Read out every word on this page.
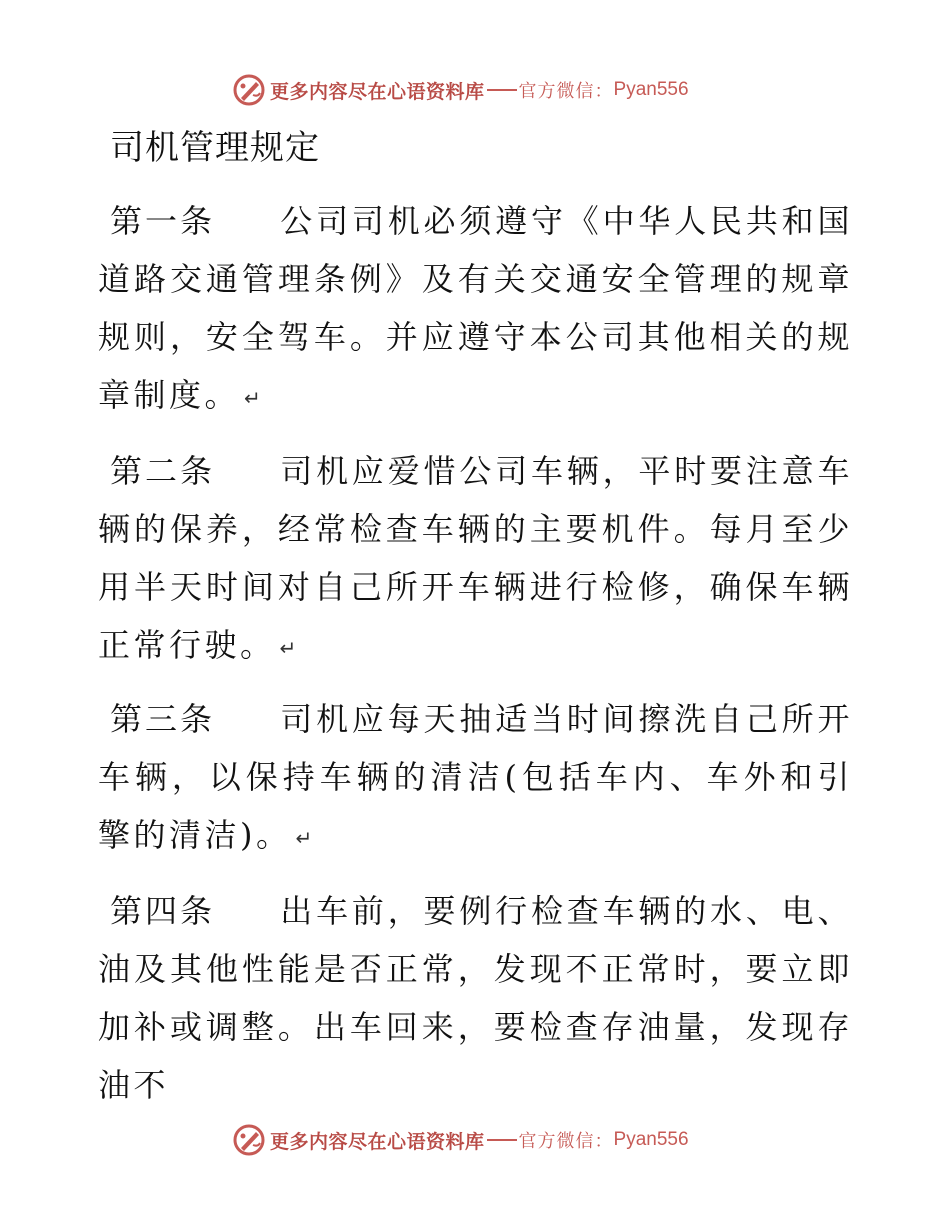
更多内容尽在心语资料库 官方微信： Pyan556
司机管理规定

第一条 公司司机必须遵守《中华人民共和国道路交通管理条例》及有关交通安全管理的规章规则，安全驾车。并应遵守本公司其他相关的规章制度。 ↵

第二条 司机应爱惜公司车辆，平时要注意车辆的保养，经常检查车辆的主要机件。每月至少用半天时间对自己所开车辆进行检修，确保车辆正常行驶。 ↵

第三条 司机应每天抽适当时间擦洗自己所开车辆，以保持车辆的清洁(包括车内、车外和引擎的清洁)。 ↵

第四条 出车前，要例行检查车辆的水、电、油及其他性能是否正常，发现不正常时，要立即加补或调整。出车回来，要检查存油量，发现存油不

更多内容尽在心语资料库 官方微信： Pyan556
